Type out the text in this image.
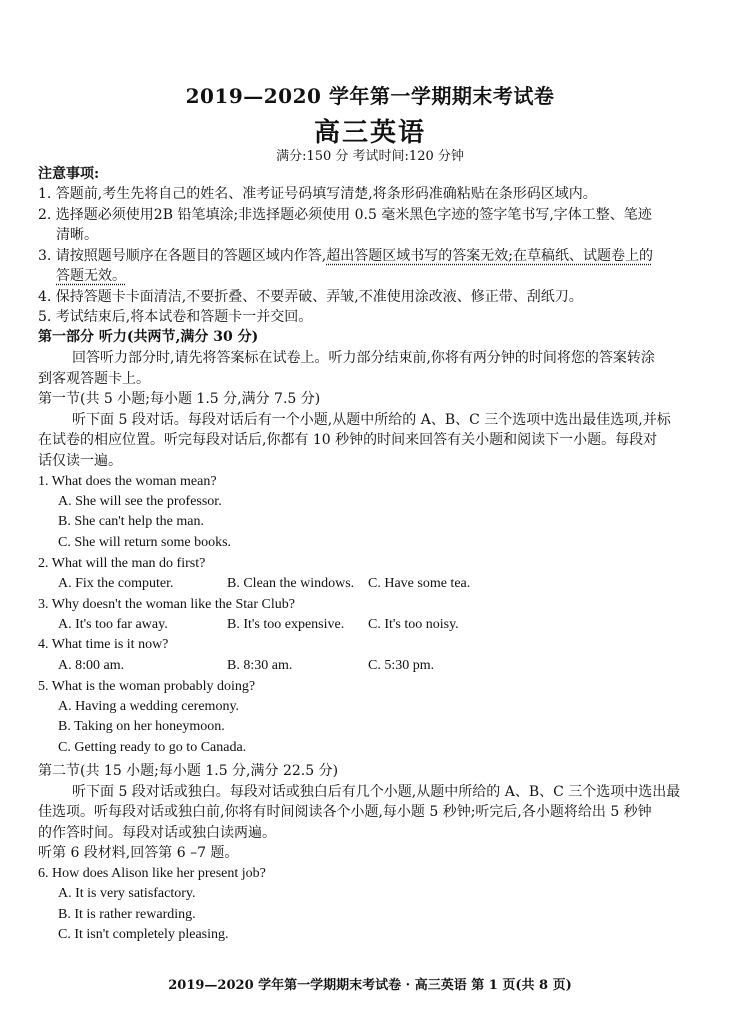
2019—2020 学年第一学期期末考试卷
高三英语
满分:150 分 考试时间:120 分钟
注意事项:
1. 答题前,考生先将自己的姓名、准考证号码填写清楚,将条形码准确粘贴在条形码区域内。
2. 选择题必须使用2B 铅笔填涂;非选择题必须使用 0.5 毫米黑色字迹的签字笔书写,字体工整、笔迹
清晰。
3. 请按照题号顺序在各题目的答题区域内作答,超出答题区域书写的答案无效;在草稿纸、试题卷上的
答题无效。
4. 保持答题卡卡面清洁,不要折叠、不要弄破、弄皱,不准使用涂改液、修正带、刮纸刀。
5. 考试结束后,将本试卷和答题卡一并交回。
第一部分 听力(共两节,满分 30 分)
回答听力部分时,请先将答案标在试卷上。听力部分结束前,你将有两分钟的时间将您的答案转涂
到客观答题卡上。
第一节(共 5 小题;每小题 1.5 分,满分 7.5 分)
听下面 5 段对话。每段对话后有一个小题,从题中所给的 A、B、C 三个选项中选出最佳选项,并标
在试卷的相应位置。听完每段对话后,你都有 10 秒钟的时间来回答有关小题和阅读下一小题。每段对
话仅读一遍。
1. What does the woman mean?
A. She will see the professor.
B. She can't help the man.
C. She will return some books.
2. What will the man do first?
A. Fix the computer.	B. Clean the windows. C. Have some tea.
3. Why doesn't the woman like the Star Club?
A. It's too far away.	B. It's too expensive. C. It's too noisy.
4. What time is it now?
A. 8:00 am.	B. 8:30 am.	C. 5:30 pm.
5. What is the woman probably doing?
A. Having a wedding ceremony.
B. Taking on her honeymoon.
C. Getting ready to go to Canada.
第二节(共 15 小题;每小题 1.5 分,满分 22.5 分)
听下面 5 段对话或独白。每段对话或独白后有几个小题,从题中所给的 A、B、C 三个选项中选出最
佳选项。听每段对话或独白前,你将有时间阅读各个小题,每小题 5 秒钟;听完后,各小题将给出 5 秒钟
的作答时间。每段对话或独白读两遍。
听第 6 段材料,回答第 6 –7 题。
6. How does Alison like her present job?
A. It is very satisfactory.
B. It is rather rewarding.
C. It isn't completely pleasing.
2019—2020 学年第一学期期末考试卷 · 高三英语 第 1 页(共 8 页)
